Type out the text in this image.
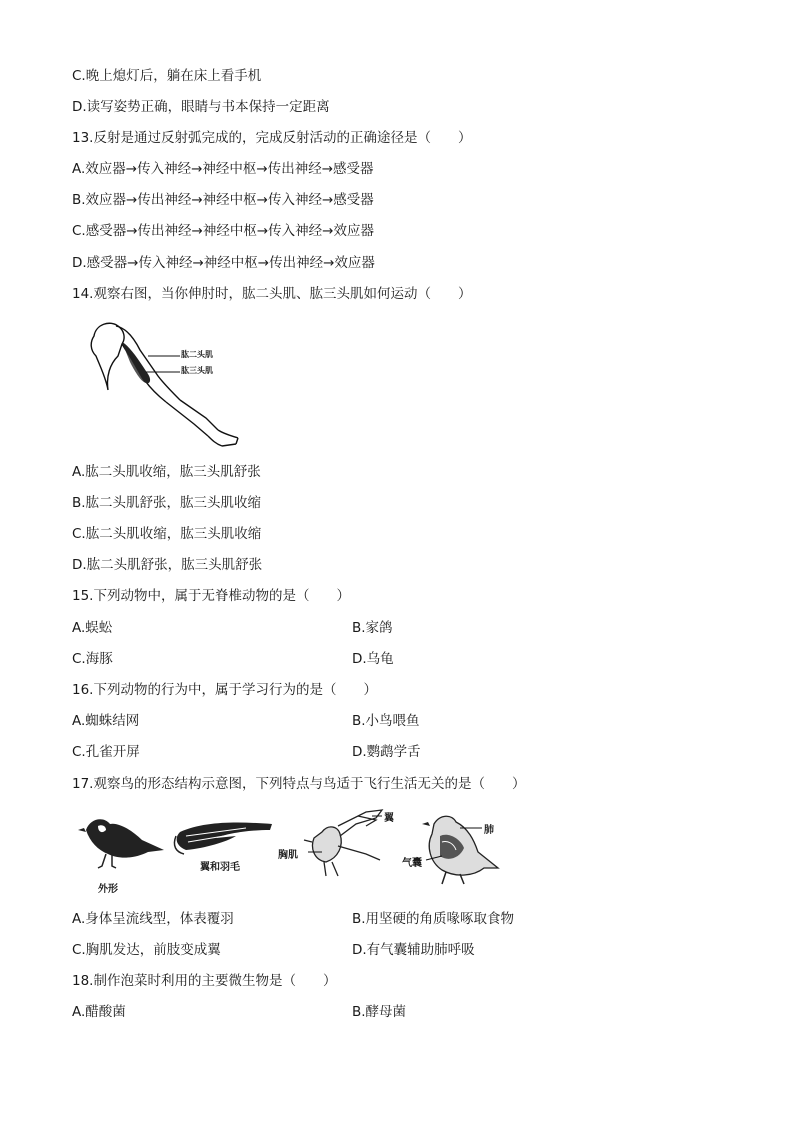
C.晚上熄灯后，躺在床上看手机
D.读写姿势正确，眼睛与书本保持一定距离
13.反射是通过反射弧完成的，完成反射活动的正确途径是（　　）
A.效应器→传入神经→神经中枢→传出神经→感受器
B.效应器→传出神经→神经中枢→传入神经→感受器
C.感受器→传出神经→神经中枢→传入神经→效应器
D.感受器→传入神经→神经中枢→传出神经→效应器
14.观察右图，当你伸肘时，肱二头肌、肱三头肌如何运动（　　）
肱二头肌
肱三头肌
A.肱二头肌收缩，肱三头肌舒张
B.肱二头肌舒张，肱三头肌收缩
C.肱二头肌收缩，肱三头肌收缩
D.肱二头肌舒张，肱三头肌舒张
15.下列动物中，属于无脊椎动物的是（　　）
A.蜈蚣	B.家鸽
C.海豚	D.乌龟
16.下列动物的行为中，属于学习行为的是（　　）
A.蜘蛛结网	B.小鸟喂鱼
C.孔雀开屏	D.鹦鹉学舌
17.观察鸟的形态结构示意图，下列特点与鸟适于飞行生活无关的是（　　）
外形
翼和羽毛
翼
胸肌
肺
气囊
A.身体呈流线型，体表覆羽	B.用坚硬的角质喙啄取食物
C.胸肌发达，前肢变成翼	D.有气囊辅助肺呼吸
18.制作泡菜时利用的主要微生物是（　　）
A.醋酸菌	B.酵母菌
